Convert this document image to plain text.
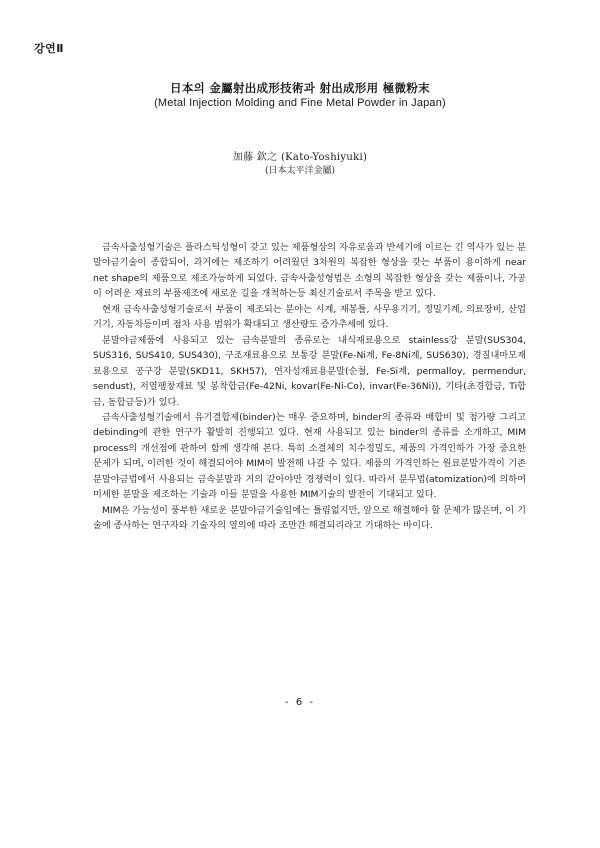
강연Ⅱ
日本의 金屬射出成形技術과 射出成形用 極微粉末
(Metal Injection Molding and Fine Metal Powder in Japan)
加藤 欽之 (Kato-Yoshiyuki)
(日本太平洋金屬)

금속사출성형기술은 플라스틱성형이 갖고 있는 제품형상의 자유로움과 반세기에 이르는 긴 역사가 있는 분말야금기술이 종합되어, 과거에는 제조하기 어려웠던 3차원의 복잡한 형상을 갖는 부품이 용이하게 near net shape의 제품으로 제조가능하게 되었다. 금속사출성형법은 소형의 복잡한 형상을 갖는 제품이나, 가공이 어려운 재료의 부품제조에 새로운 길을 개척하는등 최신기술로서 주목을 받고 있다.

현재 금속사출성형기술로서 부품이 제조되는 분야는 시계, 재봉틀, 사무용기기, 정밀기계, 의료장비, 산업기기, 자동차등이며 점차 사용 범위가 확대되고 생산량도 증가추세에 있다.

분말야금제품에 사용되고 있는 금속분말의 종류로는 내식재료용으로 stainless강 분말(SUS304, SUS316, SUS410, SUS430), 구조재료용으로 보통강 분말(Fe-Ni계, Fe-8Ni계, SUS630), 경질내마모재료용으로 공구강 분말(SKD11, SKH57), 연자성재료용분말(순철, Fe-Si계, permalloy, permendur, sendust), 저열팽창재료 및 봉착합금(Fe-42Ni, kovar(Fe-Ni-Co), invar(Fe-36Ni)), 기타(초경합금, Ti합금, 동합금등)가 있다.

금속사출성형기술에서 유기결합제(binder)는 매우 중요하며, binder의 종류와 배합비 및 첨가량 그리고 debinding에 관한 연구가 활발히 진행되고 있다. 현재 사용되고 있는 binder의 종류를 소개하고, MIM process의 개선점에 관하여 함께 생각해 본다. 특히 소결체의 치수정밀도, 제품의 가격인하가 가장 중요한 문제가 되며, 이러한 것이 해결되어야 MIM이 발전해 나갈 수 있다. 제품의 가격인하는 원료분말가격이 기존 분말야금법에서 사용되는 금속분말과 거의 같아야만 경쟁력이 있다. 따라서 분무법(atomization)에 의하여 미세한 분말을 제조하는 기술과 이들 분말을 사용한 MIM기술의 발전이 기대되고 있다.

MIM은 가능성이 풍부한 새로운 분말야금기술임에는 틀림없지만, 앞으로 해결해야 할 문제가 많은며, 이 기술에 종사하는 연구자와 기술자의 열의에 따라 조만간 해결되리라고 기대하는 바이다.

- 6 -
